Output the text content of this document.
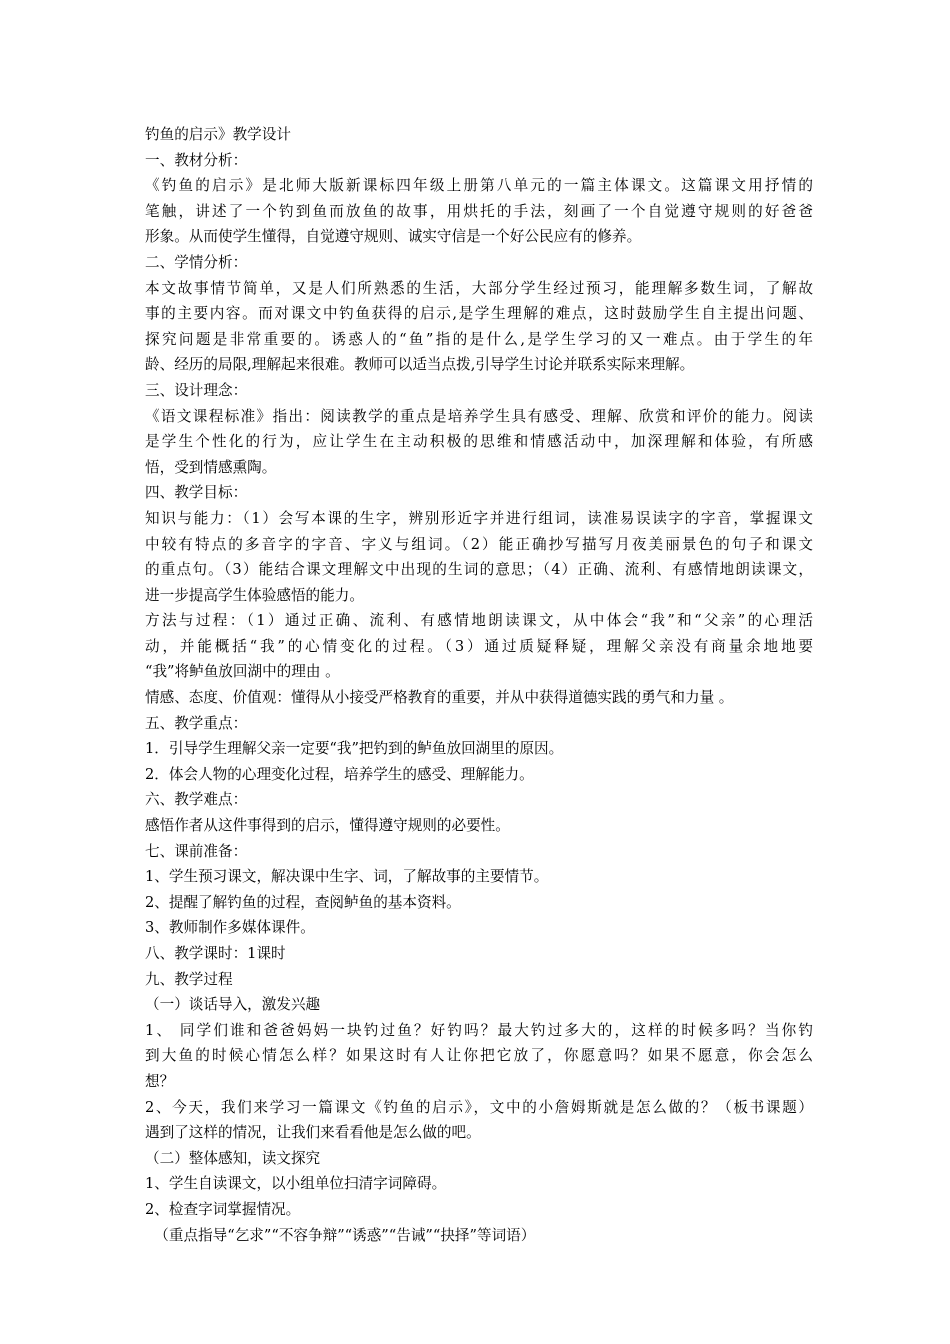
钓鱼的启示》教学设计
一、教材分析：
《钓鱼的启示》是北师大版新课标四年级上册第八单元的一篇主体课文。这篇课文用抒情的
笔触，讲述了一个钓到鱼而放鱼的故事，用烘托的手法，刻画了一个自觉遵守规则的好爸爸
形象。从而使学生懂得，自觉遵守规则、诚实守信是一个好公民应有的修养。
二、学情分析：
本文故事情节简单，又是人们所熟悉的生活，大部分学生经过预习，能理解多数生词，了解故
事的主要内容。而对课文中钓鱼获得的启示,是学生理解的难点，这时鼓励学生自主提出问题、
探究问题是非常重要的。诱惑人的“鱼”指的是什么,是学生学习的又一难点。由于学生的年
龄、经历的局限,理解起来很难。教师可以适当点拨,引导学生讨论并联系实际来理解。
三、设计理念：
《语文课程标准》指出：阅读教学的重点是培养学生具有感受、理解、欣赏和评价的能力。阅读
是学生个性化的行为，应让学生在主动积极的思维和情感活动中，加深理解和体验，有所感
悟，受到情感熏陶。
四、教学目标：
知识与能力：（1）会写本课的生字，辨别形近字并进行组词，读准易误读字的字音，掌握课文
中较有特点的多音字的字音、字义与组词。（2）能正确抄写描写月夜美丽景色的句子和课文
的重点句。（3）能结合课文理解文中出现的生词的意思；（4）正确、流利、有感情地朗读课文，
进一步提高学生体验感悟的能力。
方法与过程：（1）通过正确、流利、有感情地朗读课文，从中体会“我”和“父亲”的心理活
动，并能概括“我”的心情变化的过程。（3）通过质疑释疑，理解父亲没有商量余地地要
“我”将鲈鱼放回湖中的理由 。
情感、态度、价值观：懂得从小接受严格教育的重要，并从中获得道德实践的勇气和力量 。
五、教学重点：
1．引导学生理解父亲一定要“我”把钓到的鲈鱼放回湖里的原因。
2．体会人物的心理变化过程，培养学生的感受、理解能力。
六、教学难点：
感悟作者从这件事得到的启示，懂得遵守规则的必要性。
七、课前准备：
1、学生预习课文，解决课中生字、词，了解故事的主要情节。
2、提醒了解钓鱼的过程，查阅鲈鱼的基本资料。
3、教师制作多媒体课件。
八、教学课时：1课时
九、教学过程
（一）谈话导入，激发兴趣
1、 同学们谁和爸爸妈妈一块钓过鱼？好钓吗？最大钓过多大的，这样的时候多吗？当你钓
到大鱼的时候心情怎么样？如果这时有人让你把它放了，你愿意吗？如果不愿意，你会怎么
想？
2、今天，我们来学习一篇课文《钓鱼的启示》，文中的小詹姆斯就是怎么做的？（板书课题）
遇到了这样的情况，让我们来看看他是怎么做的吧。
（二）整体感知，读文探究
1、学生自读课文，以小组单位扫清字词障碍。
2、检查字词掌握情况。
（重点指导“乞求”“不容争辩”“诱惑”“告诫”“抉择”等词语）
